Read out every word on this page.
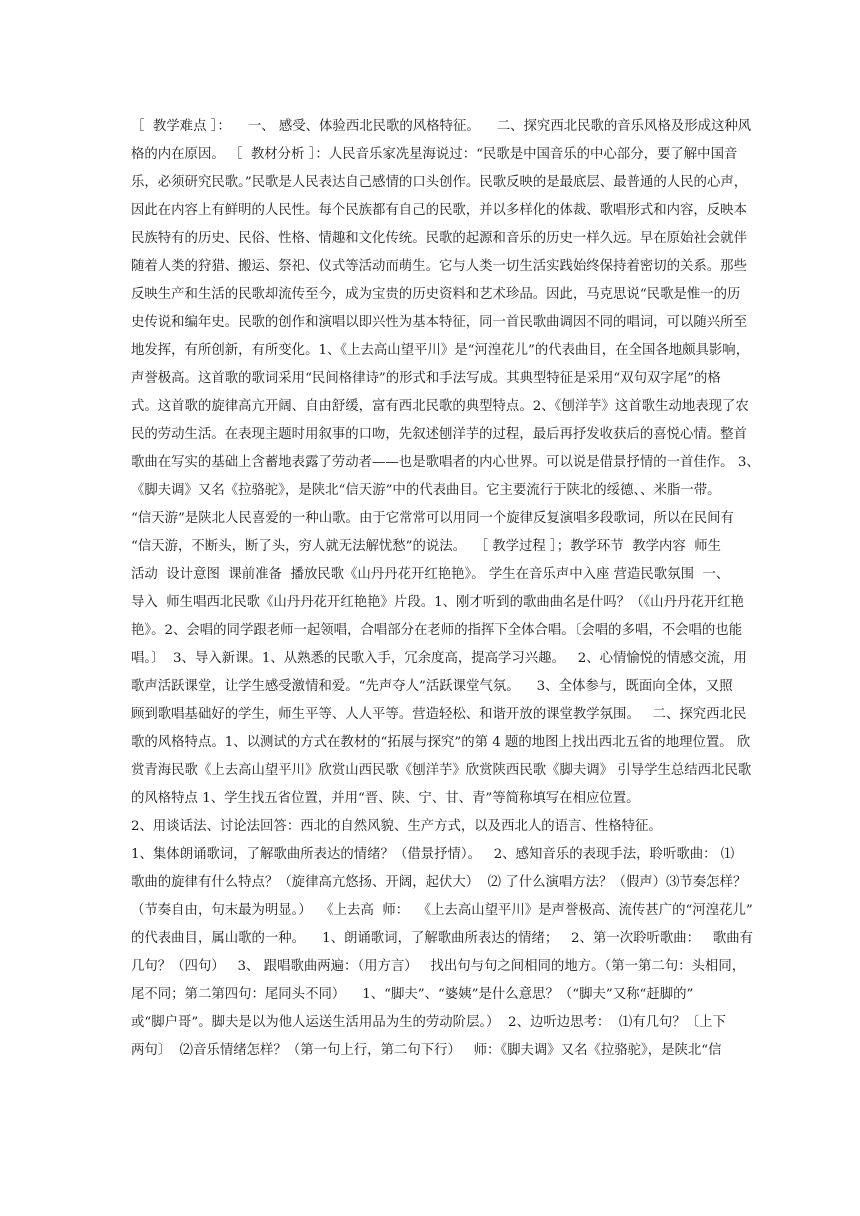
［  教学难点 ］：    一、 感受、体验西北民歌的风格特征。    二、探究西北民歌的音乐风格及形成这种风
格的内在原因。 ［  教材分析 ］：人民音乐家冼星海说过：“民歌是中国音乐的中心部分，要了解中国音
乐，必须研究民歌。”民歌是人民表达自己感情的口头创作。民歌反映的是最底层、最普通的人民的心声，
因此在内容上有鲜明的人民性。每个民族都有自己的民歌，并以多样化的体裁、歌唱形式和内容，反映本
民族特有的历史、民俗、性格、情趣和文化传统。民歌的起源和音乐的历史一样久远。早在原始社会就伴
随着人类的狩猎、搬运、祭祀、仪式等活动而萌生。它与人类一切生活实践始终保持着密切的关系。那些
反映生产和生活的民歌却流传至今，成为宝贵的历史资料和艺术珍品。因此，马克思说“民歌是惟一的历
史传说和编年史。民歌的创作和演唱以即兴性为基本特征，同一首民歌曲调因不同的唱词，可以随兴所至
地发挥，有所创新，有所变化。1、《上去高山望平川》是“河湟花儿”的代表曲目，在全国各地颇具影响，
声誉极高。这首歌的歌词采用“民间格律诗”的形式和手法写成。其典型特征是采用“双句双字尾”的格
式。这首歌的旋律高亢开阔、自由舒缓，富有西北民歌的典型特点。2、《刨洋芋》这首歌生动地表现了农
民的劳动生活。在表现主题时用叙事的口吻，先叙述刨洋芋的过程，最后再抒发收获后的喜悦心情。整首
歌曲在写实的基础上含蓄地表露了劳动者——也是歌唱者的内心世界。可以说是借景抒情的一首佳作。 3、
《脚夫调》又名《拉骆驼》，是陕北“信天游”中的代表曲目。它主要流行于陕北的绥德、、米脂一带。
“信天游”是陕北人民喜爱的一种山歌。由于它常常可以用同一个旋律反复演唱多段歌词，所以在民间有
“信天游，不断头，断了头，穷人就无法解忧愁”的说法。  ［ 教学过程 ］；教学环节  教学内容  师生
活动  设计意图  课前准备  播放民歌《山丹丹花开红艳艳》。 学生在音乐声中入座 营造民歌氛围  一、
导入  师生唱西北民歌《山丹丹花开红艳艳》片段。1、刚才听到的歌曲曲名是什吗？（《山丹丹花开红艳
艳》。2、会唱的同学跟老师一起领唱，合唱部分在老师的指挥下全体合唱。〔会唱的多唱，不会唱的也能
唱。〕  3、导入新课。1、从熟悉的民歌入手，冗余度高，提高学习兴趣。   2、心情愉悦的情感交流，用
歌声活跃课堂，让学生感受激情和爱。“先声夺人”活跃课堂气氛。    3、全体参与，既面向全体，又照
顾到歌唱基础好的学生，师生平等、人人平等。营造轻松、和谐开放的课堂教学氛围。   二、探究西北民
歌的风格特点。1、以测试的方式在教材的“拓展与探究”的第 4 题的地图上找出西北五省的地理位置。 欣
赏青海民歌《上去高山望平川》欣赏山西民歌《刨洋芋》欣赏陕西民歌《脚夫调》 引导学生总结西北民歌
的风格特点 1、学生找五省位置，并用“晋、陕、宁、甘、青”等简称填写在相应位置。
2、用谈话法、讨论法回答：西北的自然风貌、生产方式，以及西北人的语言、性格特征。
1、集体朗诵歌词，了解歌曲所表达的情绪？（借景抒情）。   2、感知音乐的表现手法，聆听歌曲： ⑴
歌曲的旋律有什么特点？（旋律高亢悠扬、开阔，起伏大）  ⑵ 了什么演唱方法？（假声）⑶节奏怎样？
（节奏自由，句末最为明显。）  《上去高  师：  《上去高山望平川》是声誉极高、流传甚广的“河湟花儿”
的代表曲目，属山歌的一种。    1、朗诵歌词，了解歌曲所表达的情绪；   2、第一次聆听歌曲：   歌曲有
几句？（四句）   3、 跟唱歌曲两遍：（用方言）   找出句与句之间相同的地方。（第一第二句：头相同，
尾不同；第二第四句：尾同头不同）    1、“脚夫”、“婆姨”是什么意思？（“脚夫”又称“赶脚的”
或“脚户哥”。脚夫是以为他人运送生活用品为生的劳动阶层。）  2、边听边思考：  ⑴有几句？〔上下
两句〕  ⑵音乐情绪怎样？（第一句上行，第二句下行）   师：《脚夫调》又名《拉骆驼》，是陕北“信
